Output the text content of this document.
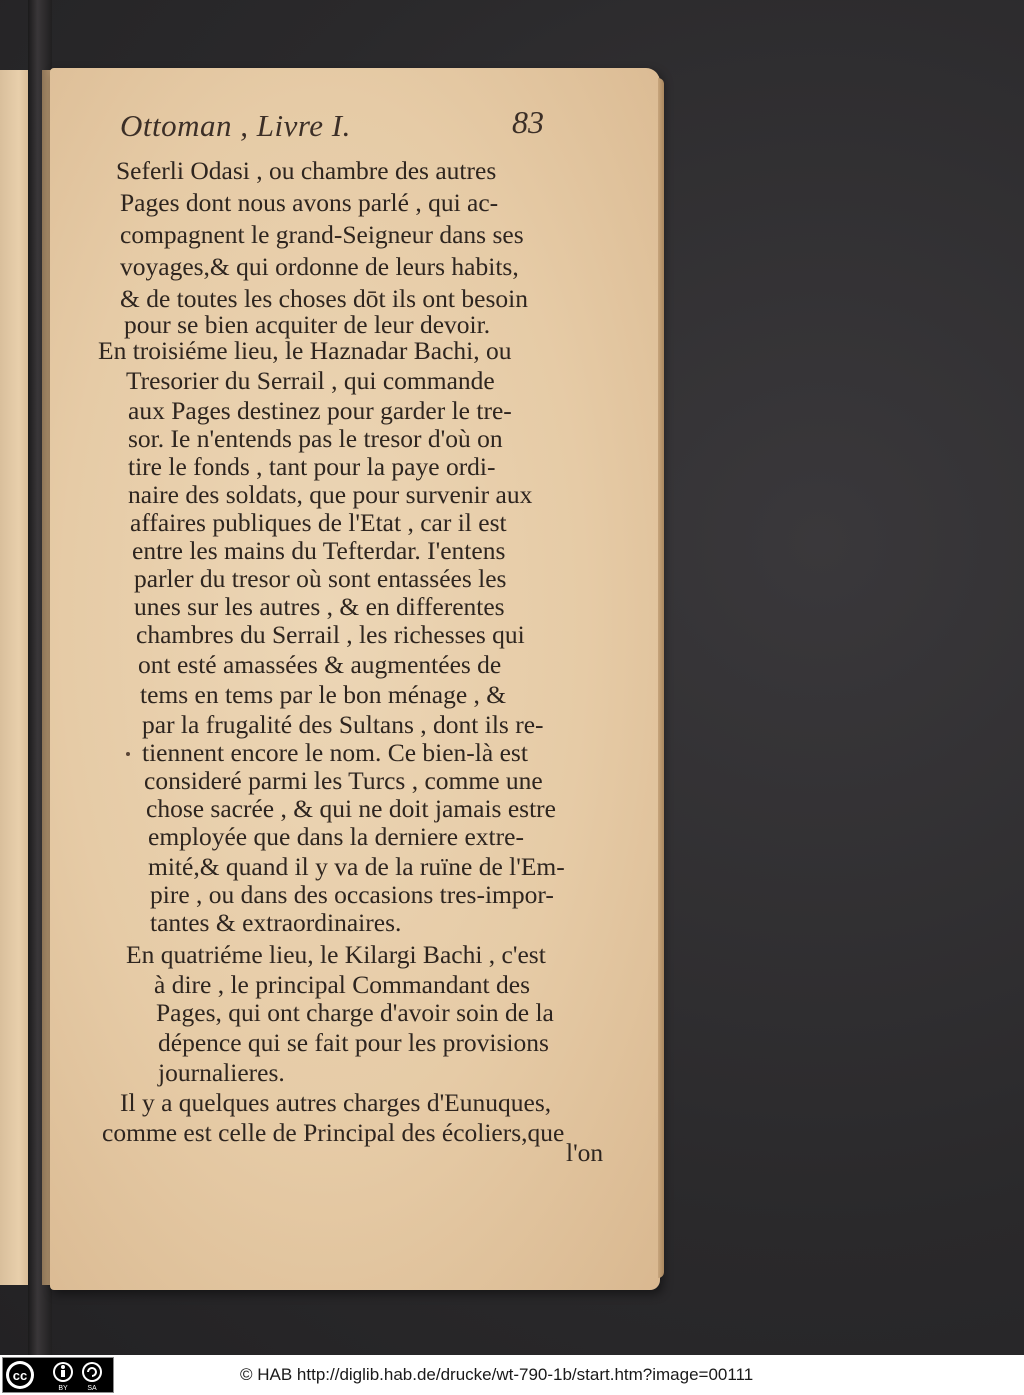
Ottoman , Livre I.	83
Seferli Odasi , ou chambre des autres
Pages dont nous avons parlé , qui ac-
compagnent le grand-Seigneur dans ses
voyages,& qui ordonne de leurs habits,
& de toutes les choses dōt ils ont besoin
pour se bien acquiter de leur devoir.
En troisiéme lieu, le Haznadar Bachi, ou
Tresorier du Serrail , qui commande
aux Pages destinez pour garder le tre-
sor. Ie n'entends pas le tresor d'où on
tire le fonds , tant pour la paye ordi-
naire des soldats, que pour survenir aux
affaires publiques de l'Etat , car il est
entre les mains du Tefterdar. I'entens
parler du tresor où sont entassées les
unes sur les autres , & en differentes
chambres du Serrail , les richesses qui
ont esté amassées & augmentées de
tems en tems par le bon ménage , &
par la frugalité des Sultans , dont ils re-
tiennent encore le nom. Ce bien-là est
consideré parmi les Turcs , comme une
chose sacrée , & qui ne doit jamais estre
employée que dans la derniere extre-
mité,& quand il y va de la ruïne de l'Em-
pire , ou dans des occasions tres-impor-
tantes & extraordinaires.
En quatriéme lieu, le Kilargi Bachi , c'est
à dire , le principal Commandant des
Pages, qui ont charge d'avoir soin de la
dépence qui se fait pour les provisions
journalieres.
Il y a quelques autres charges d'Eunuques,
comme est celle de Principal des écoliers,que
l'on
cc
BY	SA
© HAB http://diglib.hab.de/drucke/wt-790-1b/start.htm?image=00111
